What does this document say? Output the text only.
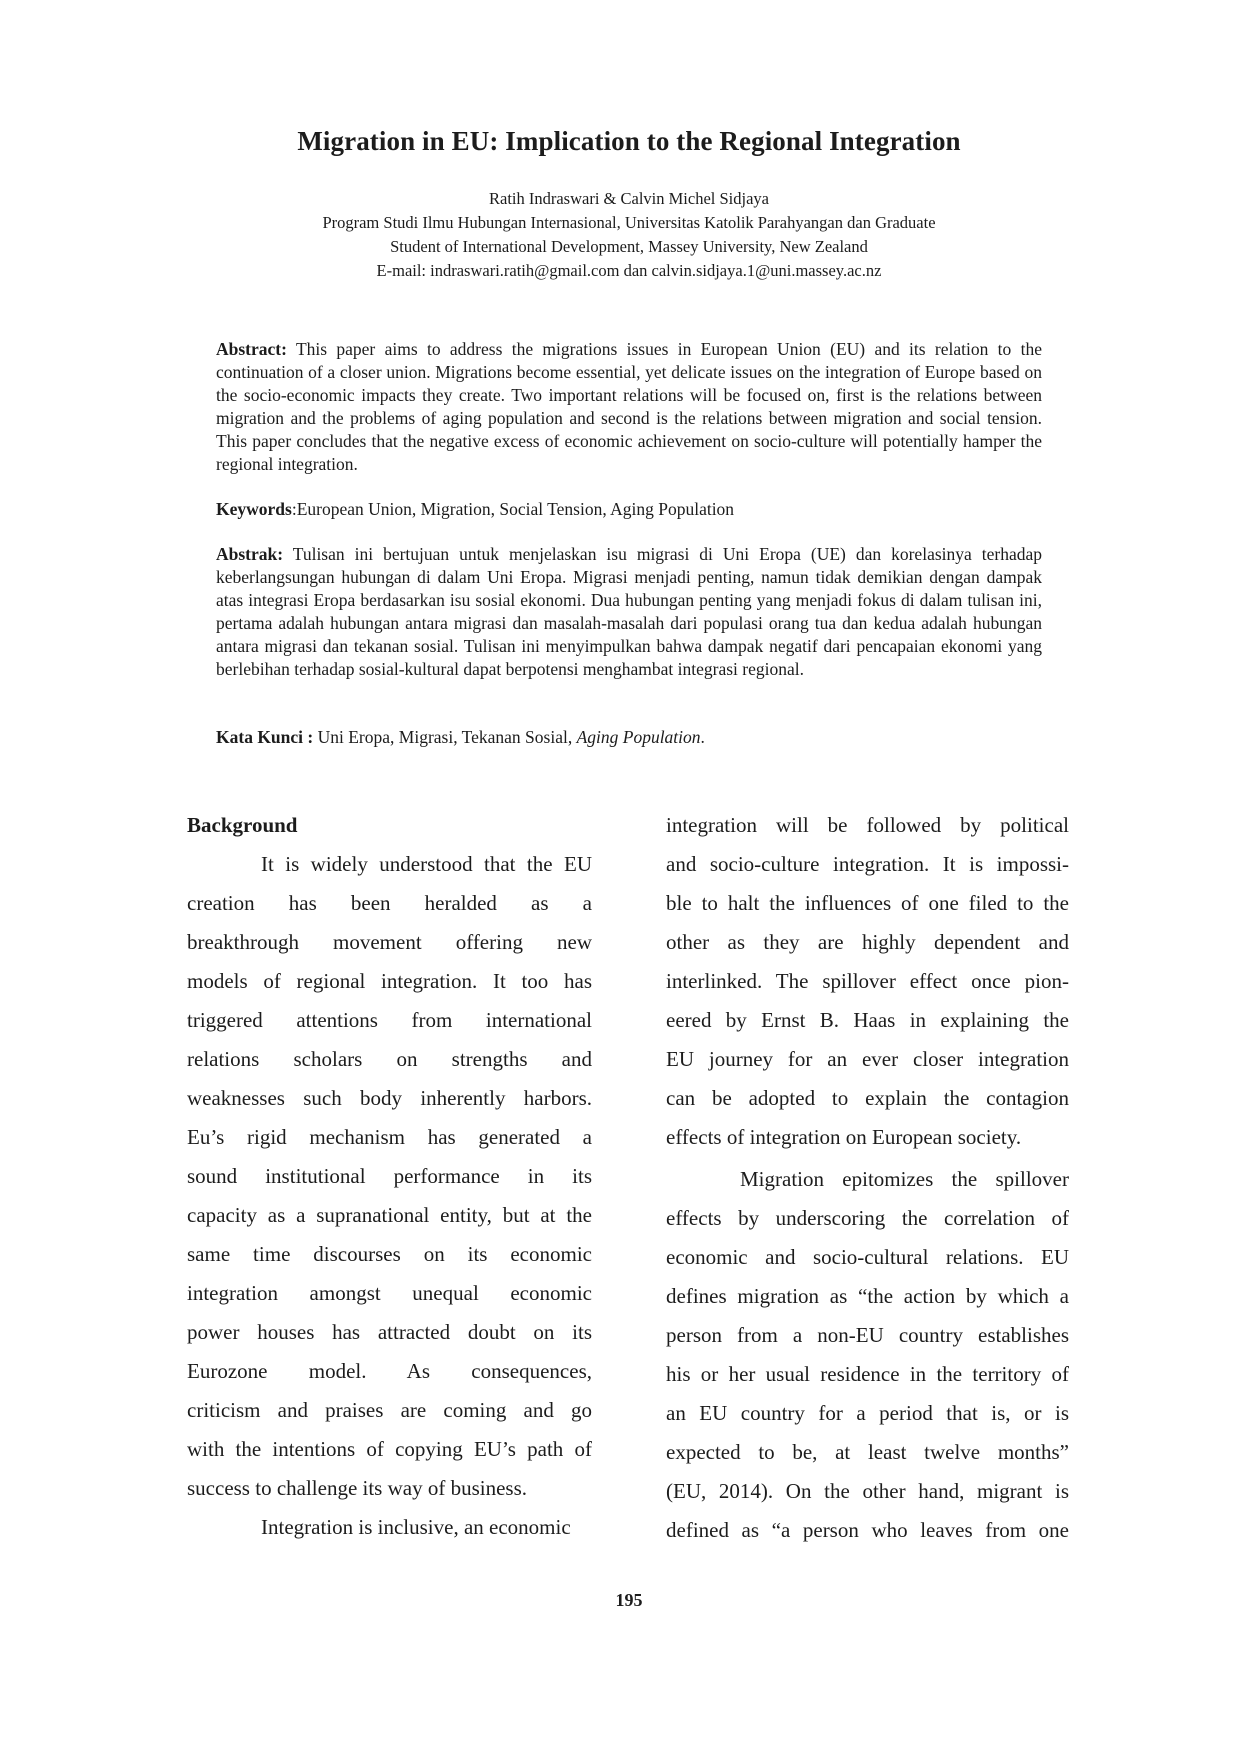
Migration in EU: Implication to the Regional Integration
Ratih Indraswari & Calvin Michel Sidjaya
Program Studi Ilmu Hubungan Internasional, Universitas Katolik Parahyangan dan Graduate
Student of International Development, Massey University, New Zealand
E-mail: indraswari.ratih@gmail.com dan calvin.sidjaya.1@uni.massey.ac.nz
Abstract: This paper aims to address the migrations issues in European Union (EU) and its relation to the continuation of a closer union. Migrations become essential, yet delicate issues on the integration of Europe based on the socio-economic impacts they create. Two important relations will be focused on, first is the relations between migration and the problems of aging population and second is the relations between migration and social tension. This paper concludes that the negative excess of economic achievement on socio-culture will potentially hamper the regional integration.
Keywords:European Union, Migration, Social Tension, Aging Population
Abstrak: Tulisan ini bertujuan untuk menjelaskan isu migrasi di Uni Eropa (UE) dan korelasinya terhadap keberlangsungan hubungan di dalam Uni Eropa. Migrasi menjadi penting, namun tidak demikian dengan dampak atas integrasi Eropa berdasarkan isu sosial ekonomi. Dua hubungan penting yang menjadi fokus di dalam tulisan ini, pertama adalah hubungan antara migrasi dan masalah-masalah dari populasi orang tua dan kedua adalah hubungan antara migrasi dan tekanan sosial. Tulisan ini menyimpulkan bahwa dampak negatif dari pencapaian ekonomi yang berlebihan terhadap sosial-kultural dapat berpotensi menghambat integrasi regional.
Kata Kunci : Uni Eropa, Migrasi, Tekanan Sosial, Aging Population.
Background
It is widely understood that the EU
creation has been heralded as a
breakthrough movement offering new
models of regional integration. It too has
triggered attentions from international
relations scholars on strengths and
weaknesses such body inherently harbors.
Eu’s rigid mechanism has generated a
sound institutional performance in its
capacity as a supranational entity, but at the
same time discourses on its economic
integration amongst unequal economic
power houses has attracted doubt on its
Eurozone model. As consequences,
criticism and praises are coming and go
with the intentions of copying EU’s path of
success to challenge its way of business.
Integration is inclusive, an economic
integration will be followed by political
and socio-culture integration. It is impossi-
ble to halt the influences of one filed to the
other as they are highly dependent and
interlinked. The spillover effect once pion-
eered by Ernst B. Haas in explaining the
EU journey for an ever closer integration
can be adopted to explain the contagion
effects of integration on European society.
Migration epitomizes the spillover
effects by underscoring the correlation of
economic and socio-cultural relations. EU
defines migration as “the action by which a
person from a non-EU country establishes
his or her usual residence in the territory of
an EU country for a period that is, or is
expected to be, at least twelve months”
(EU, 2014). On the other hand, migrant is
defined as “a person who leaves from one
195
